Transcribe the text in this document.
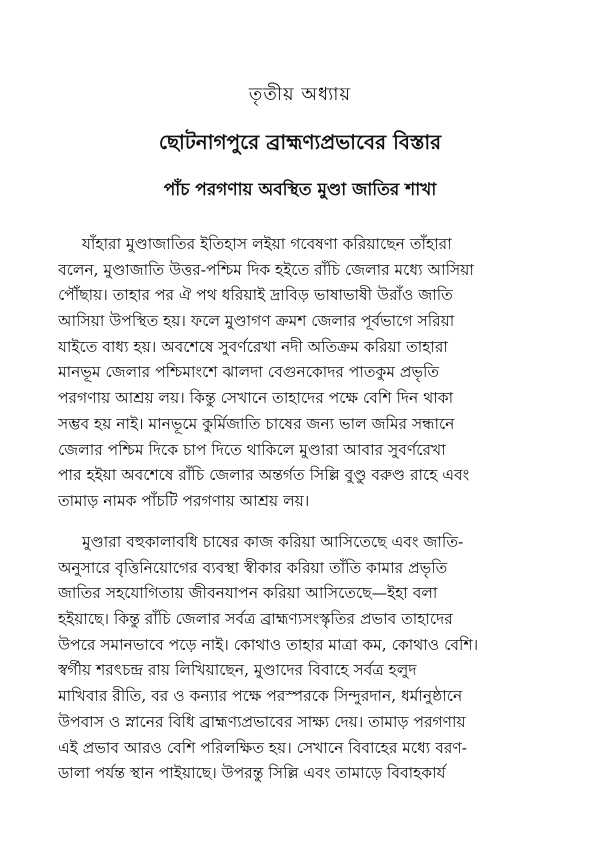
তৃতীয় অধ্যায়
ছোটনাগপুরে ব্রাহ্মণ্যপ্রভাবের বিস্তার
পাঁচ পরগণায় অবস্থিত মুণ্ডা জাতির শাখা
যাঁহারা মুণ্ডাজাতির ইতিহাস লইয়া গবেষণা করিয়াছেন তাঁহারা
বলেন, মুণ্ডাজাতি উত্তর-পশ্চিম দিক হইতে রাঁচি জেলার মধ্যে আসিয়া
পৌঁছায়। তাহার পর ঐ পথ ধরিয়াই দ্রাবিড় ভাষাভাষী উরাঁও জাতি
আসিয়া উপস্থিত হয়। ফলে মুণ্ডাগণ ক্রমশ জেলার পূর্বভাগে সরিয়া
যাইতে বাধ্য হয়। অবশেষে সুবর্ণরেখা নদী অতিক্রম করিয়া তাহারা
মানভূম জেলার পশ্চিমাংশে ঝালদা বেগুনকোদর পাতকুম প্রভৃতি
পরগণায় আশ্রয় লয়। কিন্তু সেখানে তাহাদের পক্ষে বেশি দিন থাকা
সম্ভব হয় নাই। মানভূমে কুর্মিজাতি চাষের জন্য ভাল জমির সন্ধানে
জেলার পশ্চিম দিকে চাপ দিতে থাকিলে মুণ্ডারা আবার সুবর্ণরেখা
পার হইয়া অবশেষে রাঁচি জেলার অন্তর্গত সিল্লি বুণ্ডু বরুণ্ড রাহে এবং
তামাড় নামক পাঁচটি পরগণায় আশ্রয় লয়।
মুণ্ডারা বহুকালাবধি চাষের কাজ করিয়া আসিতেছে এবং জাতি-
অনুসারে বৃত্তিনিয়োগের ব্যবস্থা স্বীকার করিয়া তাঁতি কামার প্রভৃতি
জাতির সহযোগিতায় জীবনযাপন করিয়া আসিতেছে—ইহা বলা
হইয়াছে। কিন্তু রাঁচি জেলার সর্বত্র ব্রাহ্মণ্যসংস্কৃতির প্রভাব তাহাদের
উপরে সমানভাবে পড়ে নাই। কোথাও তাহার মাত্রা কম, কোথাও বেশি।
স্বর্গীয় শরৎচন্দ্র রায় লিখিয়াছেন, মুণ্ডাদের বিবাহে সর্বত্র হলুদ
মাখিবার রীতি, বর ও কন্যার পক্ষে পরস্পরকে সিন্দুরদান, ধর্মানুষ্ঠানে
উপবাস ও স্নানের বিধি ব্রাহ্মণ্যপ্রভাবের সাক্ষ্য দেয়। তামাড় পরগণায়
এই প্রভাব আরও বেশি পরিলক্ষিত হয়। সেখানে বিবাহের মধ্যে বরণ-
ডালা পর্যন্ত স্থান পাইয়াছে। উপরন্তু সিল্লি এবং তামাড়ে বিবাহকার্য
